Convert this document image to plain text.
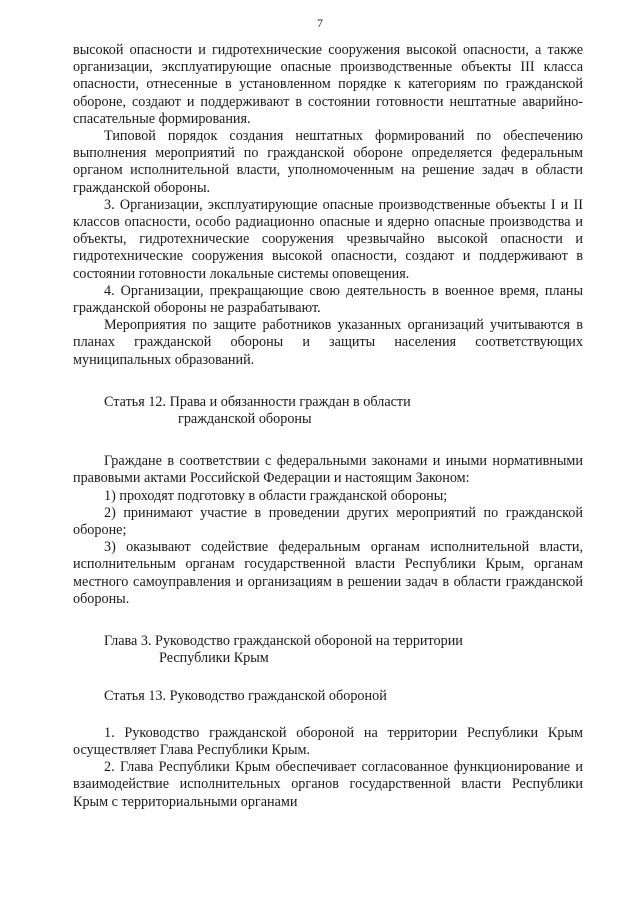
7

высокой опасности и гидротехнические сооружения высокой опасности, а также организации, эксплуатирующие опасные производственные объекты III класса опасности, отнесенные в установленном порядке к категориям по гражданской обороне, создают и поддерживают в состоянии готовности нештатные аварийно-спасательные формирования.

Типовой порядок создания нештатных формирований по обеспечению выполнения мероприятий по гражданской обороне определяется федеральным органом исполнительной власти, уполномоченным на решение задач в области гражданской обороны.

3. Организации, эксплуатирующие опасные производственные объекты I и II классов опасности, особо радиационно опасные и ядерно опасные производства и объекты, гидротехнические сооружения чрезвычайно высокой опасности и гидротехнические сооружения высокой опасности, создают и поддерживают в состоянии готовности локальные системы оповещения.

4. Организации, прекращающие свою деятельность в военное время, планы гражданской обороны не разрабатывают.

Мероприятия по защите работников указанных организаций учитываются в планах гражданской обороны и защиты населения соответствующих муниципальных образований.

Статья 12. Права и обязанности граждан в области
гражданской обороны

Граждане в соответствии с федеральными законами и иными нормативными правовыми актами Российской Федерации и настоящим Законом:

1) проходят подготовку в области гражданской обороны;

2) принимают участие в проведении других мероприятий по гражданской обороне;

3) оказывают содействие федеральным органам исполнительной власти, исполнительным органам государственной власти Республики Крым, органам местного самоуправления и организациям в решении задач в области гражданской обороны.

Глава 3. Руководство гражданской обороной на территории
Республики Крым

Статья 13. Руководство гражданской обороной

1. Руководство гражданской обороной на территории Республики Крым осуществляет Глава Республики Крым.

2. Глава Республики Крым обеспечивает согласованное функционирование и взаимодействие исполнительных органов государственной власти Республики Крым с территориальными органами
